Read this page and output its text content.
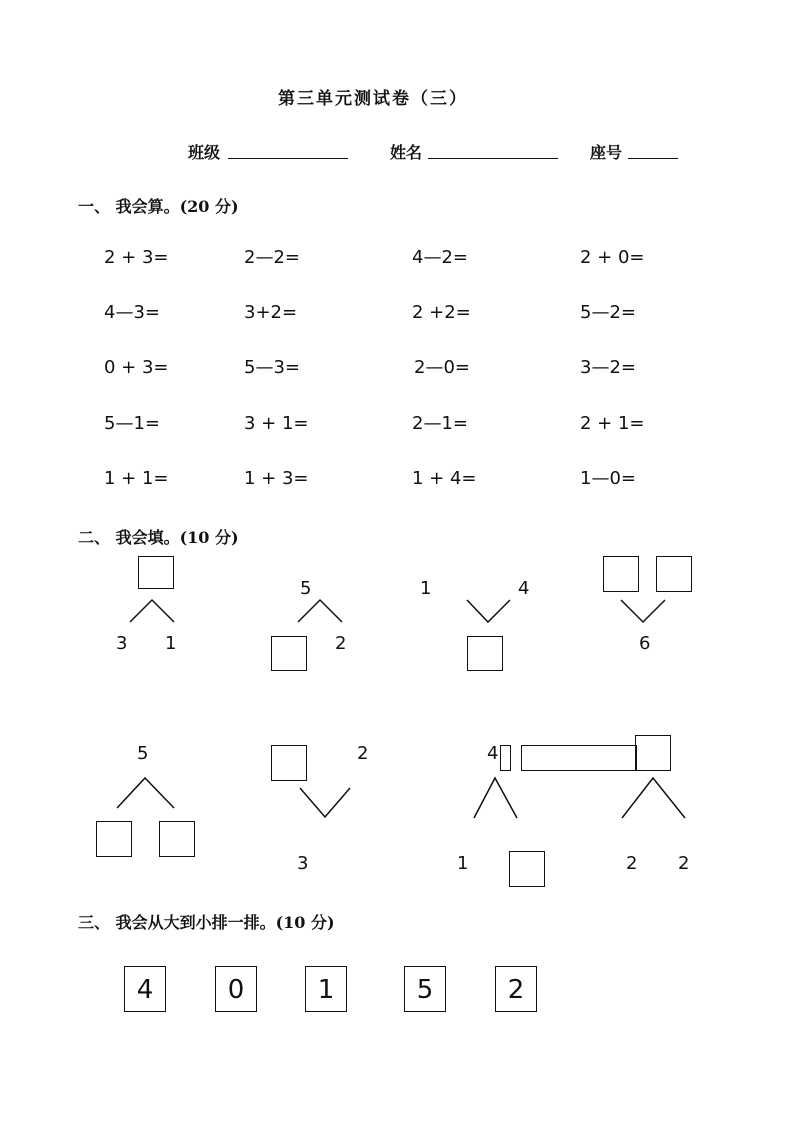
第三单元测试卷（三）
班级	姓名	座号
一、 我会算。(20 分)
2 + 3=	2—2=	4—2=	2 + 0=
4—3=	3+2=	2 +2=	5—2=
0 + 3=	5—3=	2—0=	3—2=
5—1=	3 + 1=	2—1=	2 + 1=
1 + 1=	1 + 3=	1 + 4=	1—0=
二、 我会填。(10 分)
3 1
5
2
1	4
6
5	2
3
4
1	2 2
三、 我会从大到小排一排。(10 分)
4	0	1	5	2
